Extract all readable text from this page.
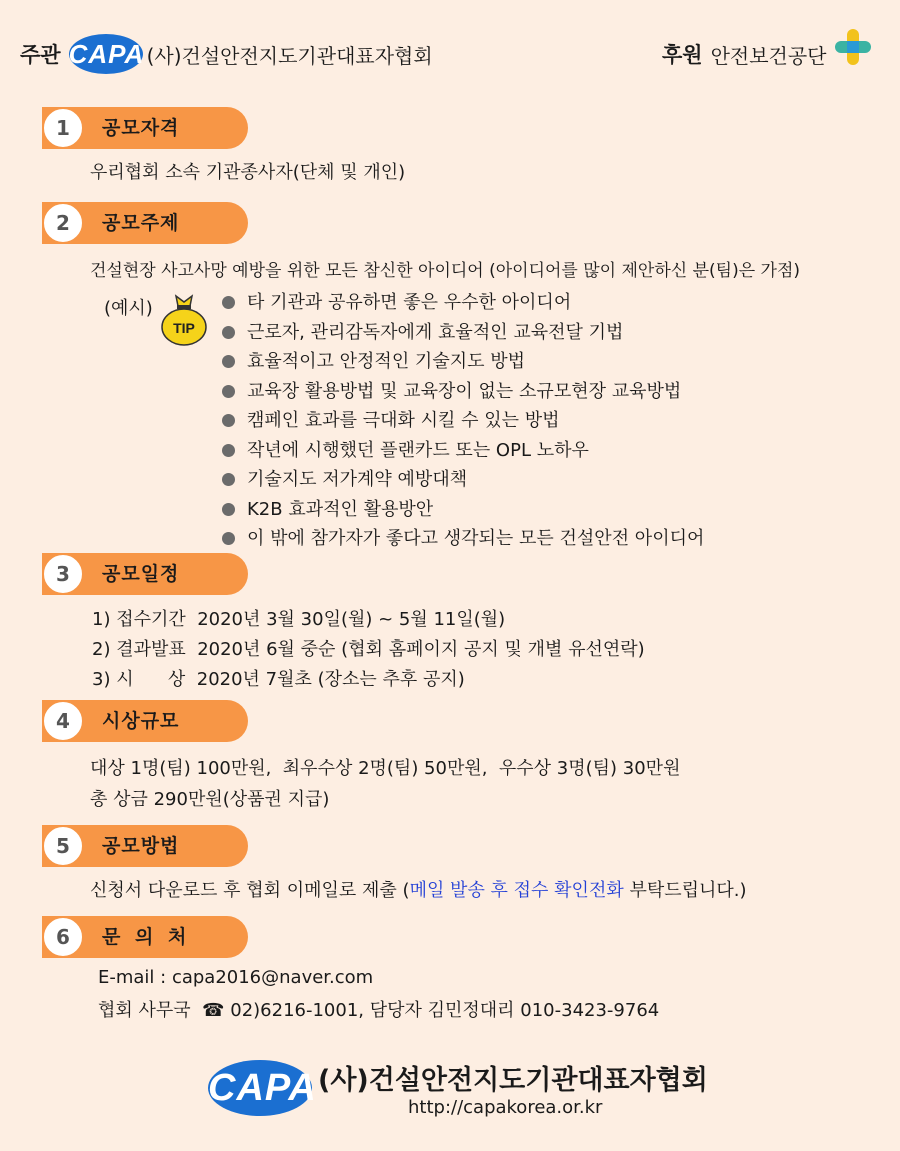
주관 CAPA (사)건설안전지도기관대표자협회	후원 안전보건공단
1	공모자격
우리협회 소속 기관종사자(단체 및 개인)
2	공모주제
건설현장 사고사망 예방을 위한 모든 참신한 아이디어 (아이디어를 많이 제안하신 분(팀)은 가점)
(예시)
TIP
타 기관과 공유하면 좋은 우수한 아이디어
근로자, 관리감독자에게 효율적인 교육전달 기법
효율적이고 안정적인 기술지도 방법
교육장 활용방법 및 교육장이 없는 소규모현장 교육방법
캠페인 효과를 극대화 시킬 수 있는 방법
작년에 시행했던 플랜카드 또는 OPL 노하우
기술지도 저가계약 예방대책
K2B 효과적인 활용방안
이 밖에 참가자가 좋다고 생각되는 모든 건설안전 아이디어
3	공모일정
1) 접수기간  2020년 3월 30일(월) ~ 5월 11일(월)
2) 결과발표  2020년 6월 중순 (협회 홈페이지 공지 및 개별 유선연락)
3) 시      상  2020년 7월초 (장소는 추후 공지)
4	시상규모
대상 1명(팀) 100만원,  최우수상 2명(팀) 50만원,  우수상 3명(팀) 30만원
총 상금 290만원(상품권 지급)
5	공모방법
신청서 다운로드 후 협회 이메일로 제출 (메일 발송 후 접수 확인전화 부탁드립니다.)
6	문 의 처
E-mail : capa2016@naver.com
협회 사무국  ☎ 02)6216-1001, 담당자 김민정대리 010-3423-9764
CAPA (사)건설안전지도기관대표자협회
http://capakorea.or.kr
